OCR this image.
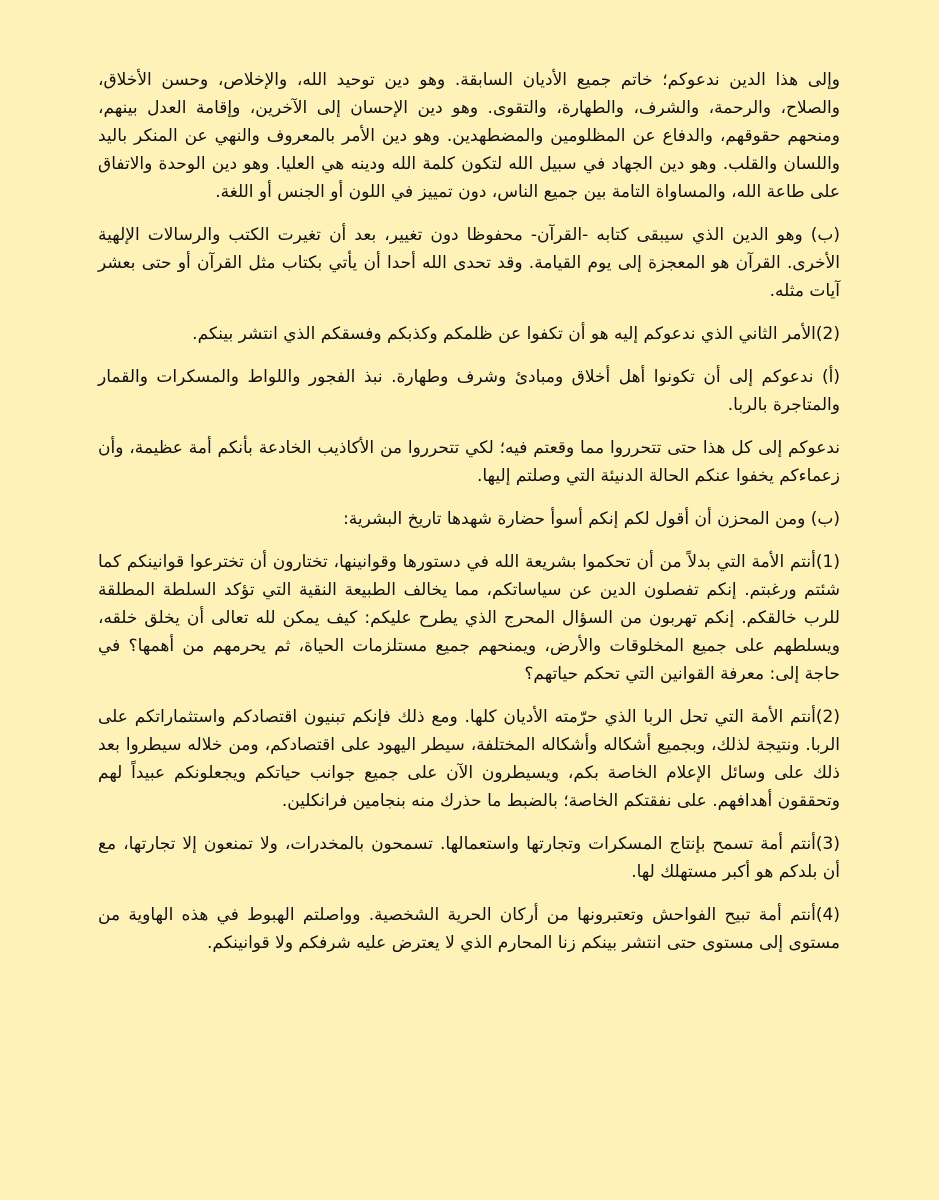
وإلى هذا الدين ندعوكم؛ خاتم جميع الأديان السابقة. وهو دين توحيد الله، والإخلاص، وحسن الأخلاق، والصلاح، والرحمة، والشرف، والطهارة، والتقوى. وهو دين الإحسان إلى الآخرين، وإقامة العدل بينهم، ومنحهم حقوقهم، والدفاع عن المظلومين والمضطهدين. وهو دين الأمر بالمعروف والنهي عن المنكر باليد واللسان والقلب. وهو دين الجهاد في سبيل الله لتكون كلمة الله ودينه هي العليا. وهو دين الوحدة والاتفاق على طاعة الله، والمساواة التامة بين جميع الناس، دون تمييز في اللون أو الجنس أو اللغة.

(ب) وهو الدين الذي سيبقى كتابه -القرآن- محفوظا دون تغيير، بعد أن تغيرت الكتب والرسالات الإلهية الأخرى. القرآن هو المعجزة إلى يوم القيامة. وقد تحدى الله أحدا أن يأتي بكتاب مثل القرآن أو حتى بعشر آيات مثله.

(2)الأمر الثاني الذي ندعوكم إليه هو أن تكفوا عن ظلمكم وكذبكم وفسقكم الذي انتشر بينكم.

(أ) ندعوكم إلى أن تكونوا أهل أخلاق ومبادئ وشرف وطهارة. نبذ الفجور واللواط والمسكرات والقمار والمتاجرة بالربا.

ندعوكم إلى كل هذا حتى تتحرروا مما وقعتم فيه؛ لكي تتحرروا من الأكاذيب الخادعة بأنكم أمة عظيمة، وأن زعماءكم يخفوا عنكم الحالة الدنيئة التي وصلتم إليها.

(ب) ومن المحزن أن أقول لكم إنكم أسوأ حضارة شهدها تاريخ البشرية:

(1)أنتم الأمة التي بدلاً من أن تحكموا بشريعة الله في دستورها وقوانينها، تختارون أن تخترعوا قوانينكم كما شئتم ورغبتم. إنكم تفصلون الدين عن سياساتكم، مما يخالف الطبيعة النقية التي تؤكد السلطة المطلقة للرب خالقكم. إنكم تهربون من السؤال المحرج الذي يطرح عليكم: كيف يمكن لله تعالى أن يخلق خلقه، ويسلطهم على جميع المخلوقات والأرض، ويمنحهم جميع مستلزمات الحياة، ثم يحرمهم من أهمها؟ في حاجة إلى: معرفة القوانين التي تحكم حياتهم؟

(2)أنتم الأمة التي تحل الربا الذي حرّمته الأديان كلها. ومع ذلك فإنكم تبنيون اقتصادكم واستثماراتكم على الربا. ونتيجة لذلك، وبجميع أشكاله وأشكاله المختلفة، سيطر اليهود على اقتصادكم، ومن خلاله سيطروا بعد ذلك على وسائل الإعلام الخاصة بكم، ويسيطرون الآن على جميع جوانب حياتكم ويجعلونكم عبيداً لهم وتحققون أهدافهم. على نفقتكم الخاصة؛ بالضبط ما حذرك منه بنجامين فرانكلين.

(3)أنتم أمة تسمح بإنتاج المسكرات وتجارتها واستعمالها. تسمحون بالمخدرات، ولا تمنعون إلا تجارتها، مع أن بلدكم هو أكبر مستهلك لها.

(4)أنتم أمة تبيح الفواحش وتعتبرونها من أركان الحرية الشخصية. وواصلتم الهبوط في هذه الهاوية من مستوى إلى مستوى حتى انتشر بينكم زنا المحارم الذي لا يعترض عليه شرفكم ولا قوانينكم.
